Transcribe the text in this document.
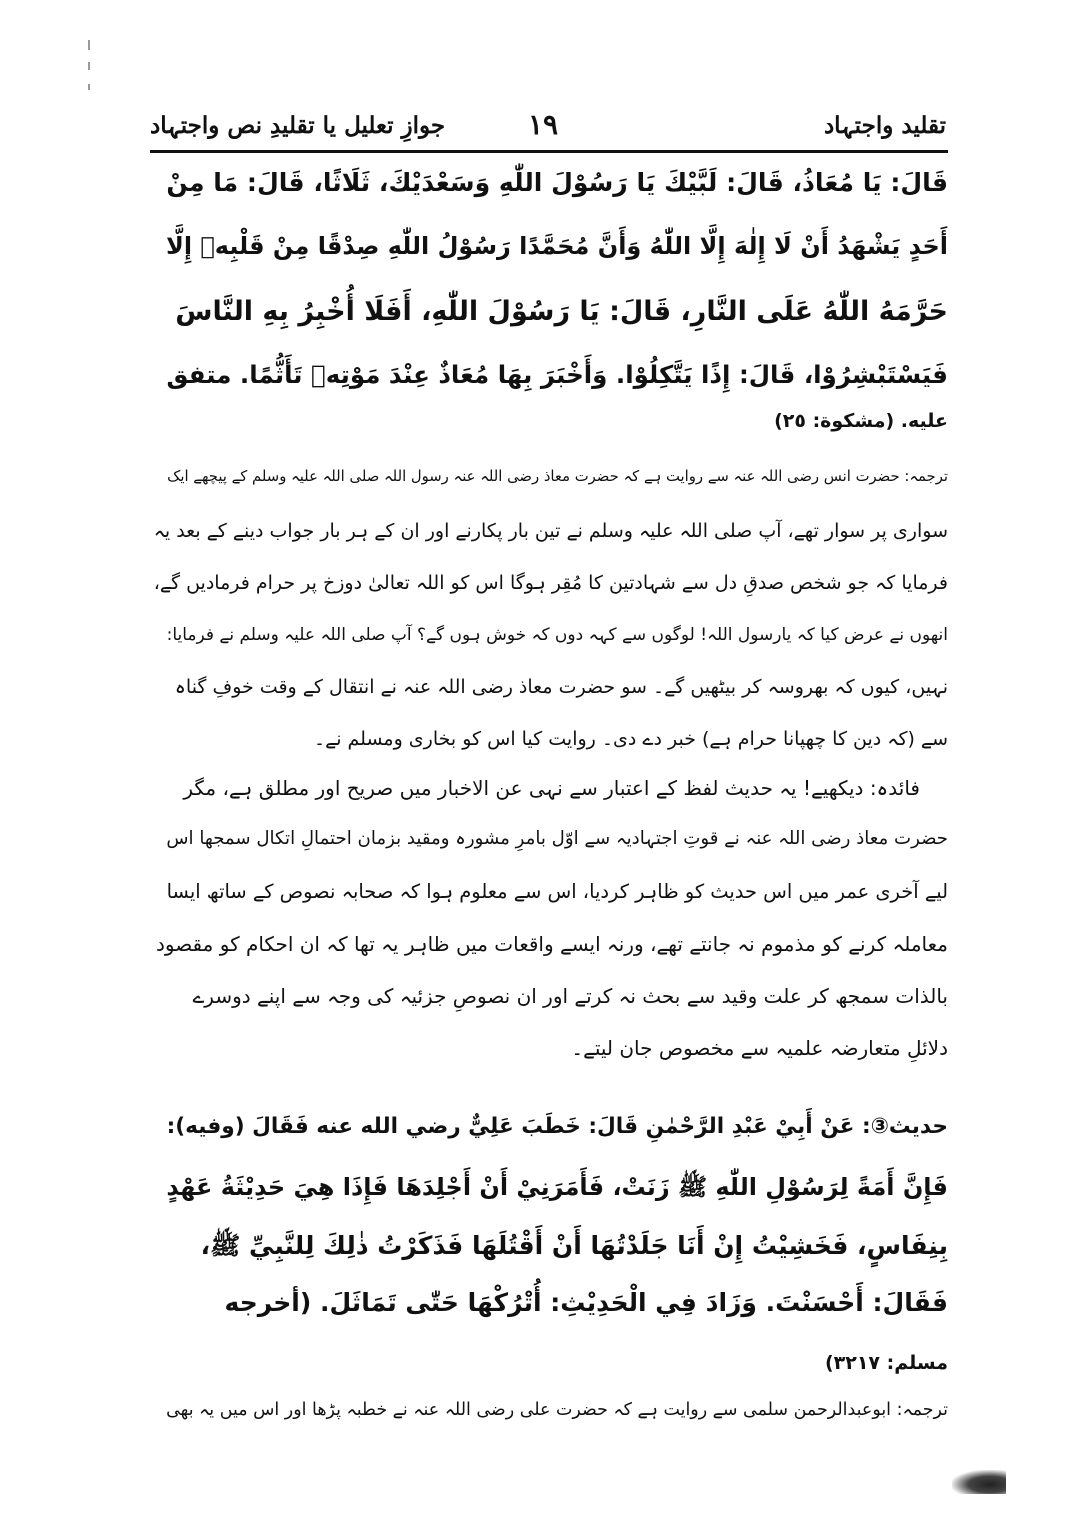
تقلید واجتہاد
١٩
جوازِ تعلیل یا تقلیدِ نص واجتہاد
قَالَ: يَا مُعَاذُ، قَالَ: لَبَّيْكَ يَا رَسُوْلَ اللّٰهِ وَسَعْدَيْكَ، ثَلَاثًا، قَالَ: مَا مِنْ
أَحَدٍ يَشْهَدُ أَنْ لَا إِلٰهَ إِلَّا اللّٰهُ وَأَنَّ مُحَمَّدًا رَسُوْلُ اللّٰهِ صِدْقًا مِنْ قَلْبِهٖ إِلَّا
حَرَّمَهُ اللّٰهُ عَلَى النَّارِ، قَالَ: يَا رَسُوْلَ اللّٰهِ، أَفَلَا أُخْبِرُ بِهِ النَّاسَ
فَيَسْتَبْشِرُوْا، قَالَ: إِذًا يَتَّكِلُوْا. وَأَخْبَرَ بِهَا مُعَاذٌ عِنْدَ مَوْتِهٖ تَأَثُّمًا. متفق
عليه. (مشكوة: ٢٥)
ترجمہ: حضرت انس رضی اللہ عنہ سے روایت ہے کہ حضرت معاذ رضی اللہ عنہ رسول اللہ صلی اللہ علیہ وسلم کے پیچھے ایک
سواری پر سوار تھے، آپ صلی اللہ علیہ وسلم نے تین بار پکارنے اور ان کے ہر بار جواب دینے کے بعد یہ
فرمایا کہ جو شخص صدقِ دل سے شہادتین کا مُقِر ہوگا اس کو اللہ تعالیٰ دوزخ پر حرام فرمادیں گے،
انھوں نے عرض کیا کہ یارسول اللہ! لوگوں سے کہہ دوں کہ خوش ہوں گے؟ آپ صلی اللہ علیہ وسلم نے فرمایا:
نہیں، کیوں کہ بھروسہ کر بیٹھیں گے۔ سو حضرت معاذ رضی اللہ عنہ نے انتقال کے وقت خوفِ گناہ
سے (کہ دین کا چھپانا حرام ہے) خبر دے دی۔ روایت کیا اس کو بخاری ومسلم نے۔
فائدہ: دیکھیے! یہ حدیث لفظ کے اعتبار سے نہی عن الاخبار میں صریح اور مطلق ہے، مگر
حضرت معاذ رضی اللہ عنہ نے قوتِ اجتہادیہ سے اوّل بامرِ مشورہ ومقید بزمان احتمالِ اتکال سمجھا اس
لیے آخری عمر میں اس حدیث کو ظاہر کردیا، اس سے معلوم ہوا کہ صحابہ نصوص کے ساتھ ایسا
معاملہ کرنے کو مذموم نہ جانتے تھے، ورنہ ایسے واقعات میں ظاہر یہ تھا کہ ان احکام کو مقصود
بالذات سمجھ کر علت وقید سے بحث نہ کرتے اور ان نصوصِ جزئیہ کی وجہ سے اپنے دوسرے
دلائلِ متعارضہ علمیہ سے مخصوص جان لیتے۔
حديث③: عَنْ أَبِيْ عَبْدِ الرَّحْمٰنِ قَالَ: خَطَبَ عَلِيٌّ رضي الله عنه فَقَالَ (وفيه):
فَإِنَّ أَمَةً لِرَسُوْلِ اللّٰهِ ﷺ زَنَتْ، فَأَمَرَنِيْ أَنْ أَجْلِدَهَا فَإِذَا هِيَ حَدِيْثَةُ عَهْدٍ
بِنِفَاسٍ، فَخَشِيْتُ إِنْ أَنَا جَلَدْتُهَا أَنْ أَقْتُلَهَا فَذَكَرْتُ ذٰلِكَ لِلنَّبِيِّ ﷺ،
فَقَالَ: أَحْسَنْتَ. وَزَادَ فِي الْحَدِيْثِ: أُتْرُكْهَا حَتّٰى تَمَاثَلَ. (أخرجه
مسلم: ٣٢١٧)
ترجمہ: ابوعبدالرحمن سلمی سے روایت ہے کہ حضرت علی رضی اللہ عنہ نے خطبہ پڑھا اور اس میں یہ بھی
